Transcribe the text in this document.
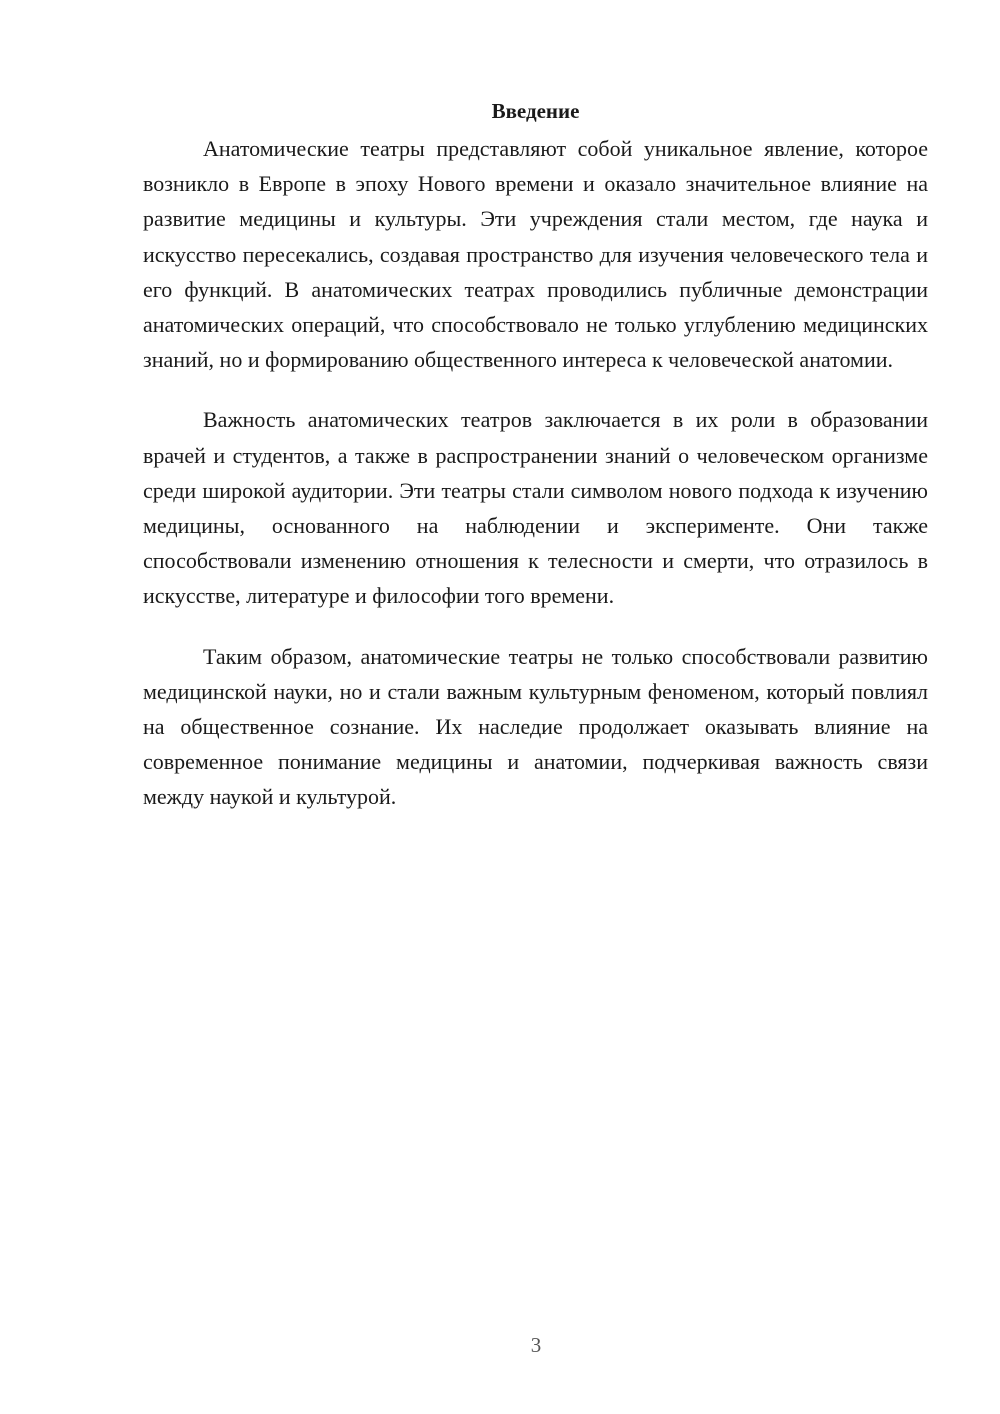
Введение

Анатомические театры представляют собой уникальное явление, которое возникло в Европе в эпоху Нового времени и оказало значительное влияние на развитие медицины и культуры. Эти учреждения стали местом, где наука и искусство пересекались, создавая пространство для изучения человеческого тела и его функций. В анатомических театрах проводились публичные демонстрации анатомических операций, что способствовало не только углублению медицинских знаний, но и формированию общественного интереса к человеческой анатомии.

Важность анатомических театров заключается в их роли в образовании врачей и студентов, а также в распространении знаний о человеческом организме среди широкой аудитории. Эти театры стали символом нового подхода к изучению медицины, основанного на наблюдении и эксперименте. Они также способствовали изменению отношения к телесности и смерти, что отразилось в искусстве, литературе и философии того времени.

Таким образом, анатомические театры не только способствовали развитию медицинской науки, но и стали важным культурным феноменом, который повлиял на общественное сознание. Их наследие продолжает оказывать влияние на современное понимание медицины и анатомии, подчеркивая важность связи между наукой и культурой.

3
